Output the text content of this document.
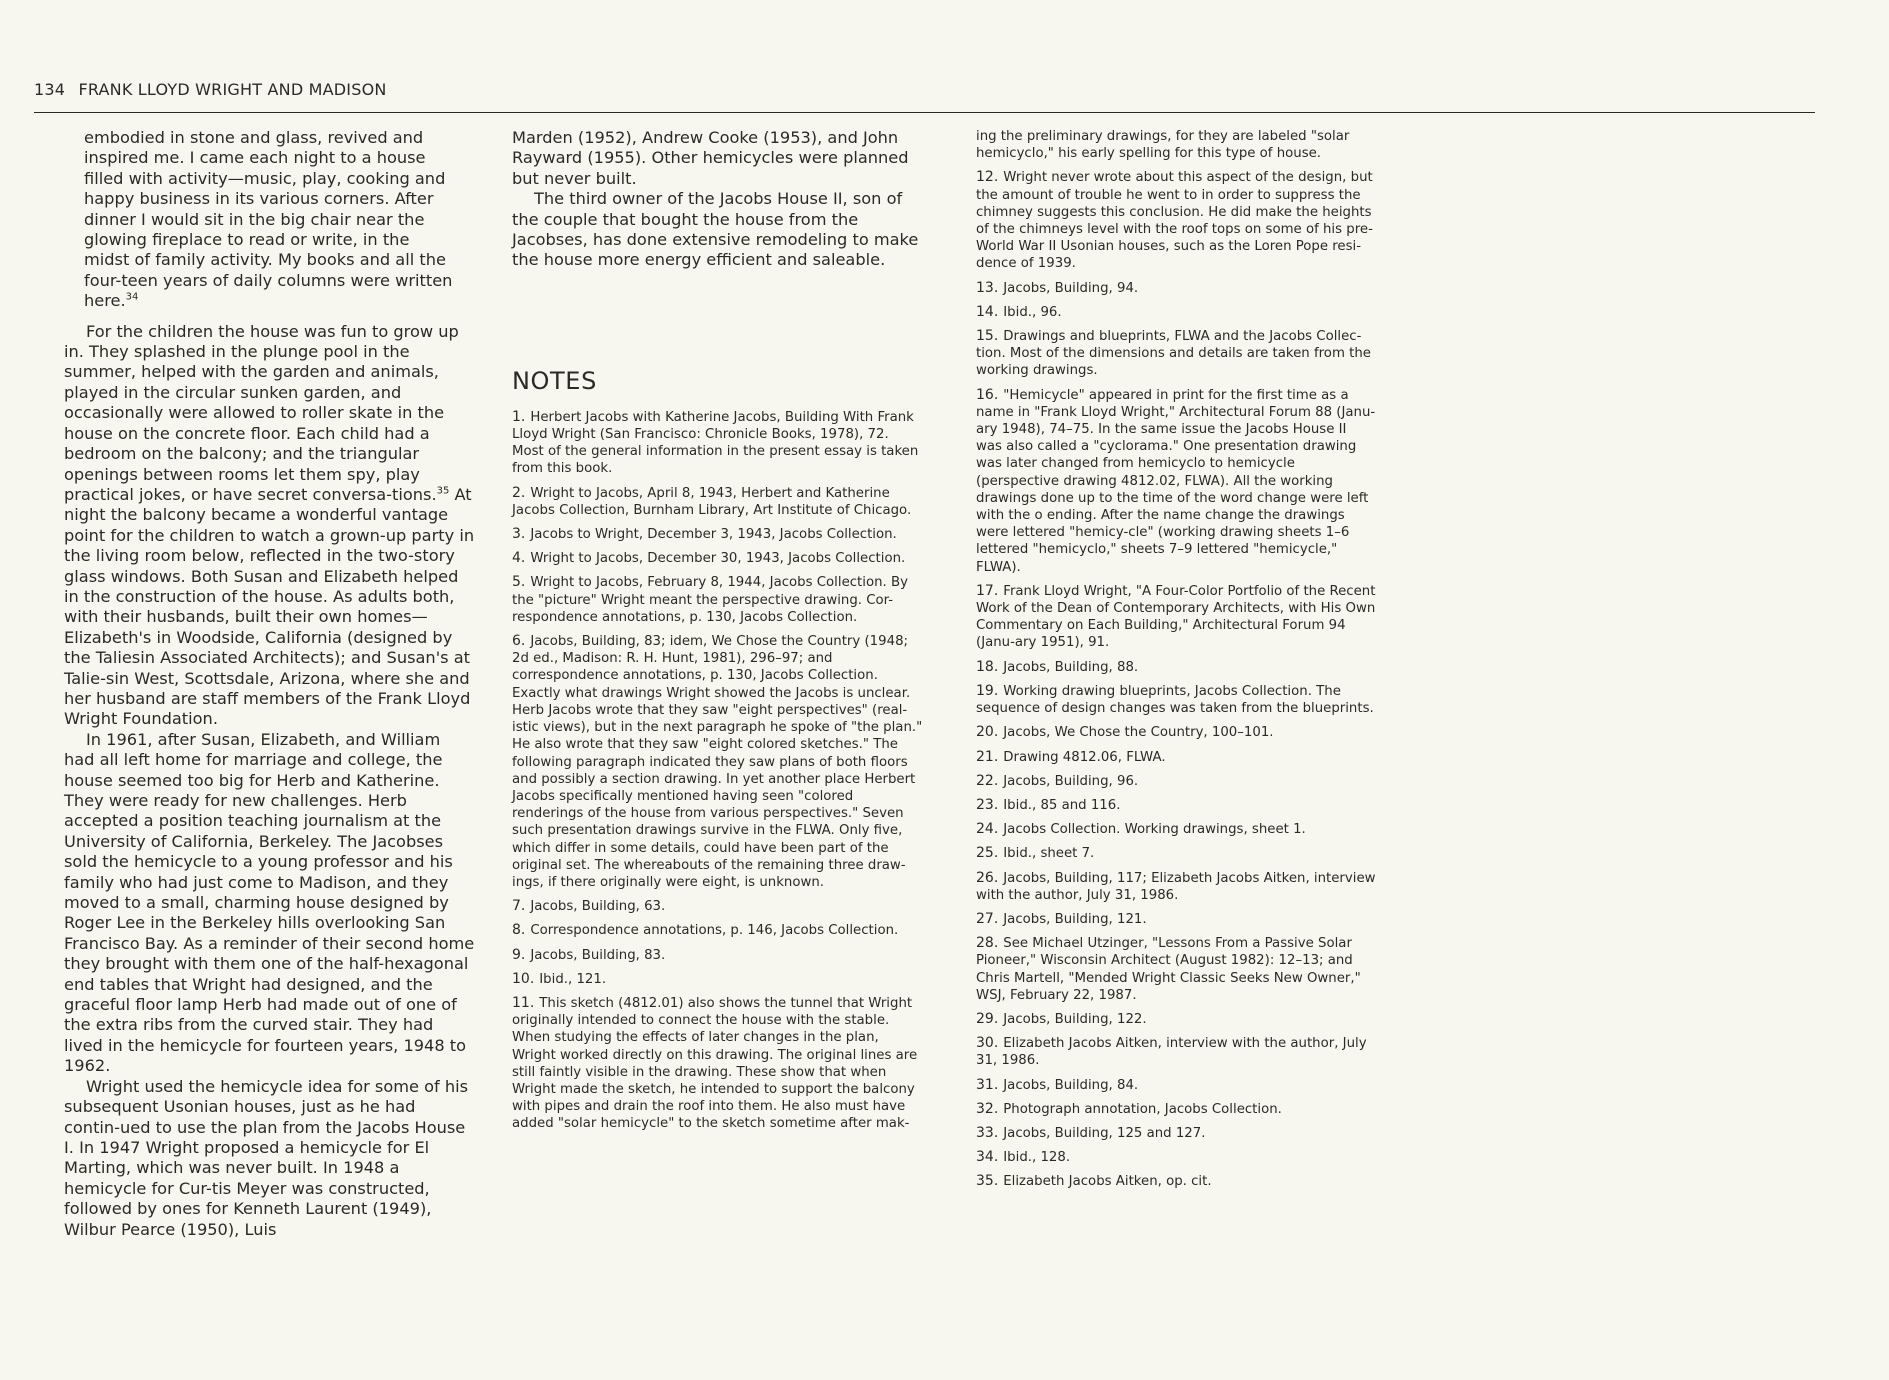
134 FRANK LLOYD WRIGHT AND MADISON

embodied in stone and glass, revived and inspired me. I came each night to a house filled with activity—music, play, cooking and happy business in its various corners. After dinner I would sit in the big chair near the glowing fireplace to read or write, in the midst of family activity. My books and all the four-teen years of daily columns were written here.$^{34}$

For the children the house was fun to grow up in. They splashed in the plunge pool in the summer, helped with the garden and animals, played in the circular sunken garden, and occasionally were allowed to roller skate in the house on the concrete floor. Each child had a bedroom on the balcony; and the triangular openings between rooms let them spy, play practical jokes, or have secret conversa-tions.$^{35}$ At night the balcony became a wonderful vantage point for the children to watch a grown-up party in the living room below, reflected in the two-story glass windows. Both Susan and Elizabeth helped in the construction of the house. As adults both, with their husbands, built their own homes—Elizabeth's in Woodside, California (designed by the Taliesin Associated Architects); and Susan's at Talie-sin West, Scottsdale, Arizona, where she and her husband are staff members of the Frank Lloyd Wright Foundation.

In 1961, after Susan, Elizabeth, and William had all left home for marriage and college, the house seemed too big for Herb and Katherine. They were ready for new challenges. Herb accepted a position teaching journalism at the University of California, Berkeley. The Jacobses sold the hemicycle to a young professor and his family who had just come to Madison, and they moved to a small, charming house designed by Roger Lee in the Berkeley hills overlooking San Francisco Bay. As a reminder of their second home they brought with them one of the half-hexagonal end tables that Wright had designed, and the graceful floor lamp Herb had made out of one of the extra ribs from the curved stair. They had lived in the hemicycle for fourteen years, 1948 to 1962.

Wright used the hemicycle idea for some of his subsequent Usonian houses, just as he had contin-ued to use the plan from the Jacobs House I. In 1947 Wright proposed a hemicycle for El Marting, which was never built. In 1948 a hemicycle for Cur-tis Meyer was constructed, followed by ones for Kenneth Laurent (1949), Wilbur Pearce (1950), Luis

Marden (1952), Andrew Cooke (1953), and John Rayward (1955). Other hemicycles were planned but never built.

The third owner of the Jacobs House II, son of the couple that bought the house from the Jacobses, has done extensive remodeling to make the house more energy efficient and saleable.

NOTES

1. Herbert Jacobs with Katherine Jacobs, Building With Frank Lloyd Wright (San Francisco: Chronicle Books, 1978), 72. Most of the general information in the present essay is taken from this book.

2. Wright to Jacobs, April 8, 1943, Herbert and Katherine Jacobs Collection, Burnham Library, Art Institute of Chicago.

3. Jacobs to Wright, December 3, 1943, Jacobs Collection.

4. Wright to Jacobs, December 30, 1943, Jacobs Collection.

5. Wright to Jacobs, February 8, 1944, Jacobs Collection. By the "picture" Wright meant the perspective drawing. Cor-respondence annotations, p. 130, Jacobs Collection.

6. Jacobs, Building, 83; idem, We Chose the Country (1948; 2d ed., Madison: R. H. Hunt, 1981), 296–97; and correspondence annotations, p. 130, Jacobs Collection. Exactly what drawings Wright showed the Jacobs is unclear. Herb Jacobs wrote that they saw "eight perspectives" (real-istic views), but in the next paragraph he spoke of "the plan." He also wrote that they saw "eight colored sketches." The following paragraph indicated they saw plans of both floors and possibly a section drawing. In yet another place Herbert Jacobs specifically mentioned having seen "colored renderings of the house from various perspectives." Seven such presentation drawings survive in the FLWA. Only five, which differ in some details, could have been part of the original set. The whereabouts of the remaining three draw-ings, if there originally were eight, is unknown.

7. Jacobs, Building, 63.

8. Correspondence annotations, p. 146, Jacobs Collection.

9. Jacobs, Building, 83.

10. Ibid., 121.

11. This sketch (4812.01) also shows the tunnel that Wright originally intended to connect the house with the stable. When studying the effects of later changes in the plan, Wright worked directly on this drawing. The original lines are still faintly visible in the drawing. These show that when Wright made the sketch, he intended to support the balcony with pipes and drain the roof into them. He also must have added "solar hemicycle" to the sketch sometime after mak-

ing the preliminary drawings, for they are labeled "solar hemicyclo," his early spelling for this type of house.

12. Wright never wrote about this aspect of the design, but the amount of trouble he went to in order to suppress the chimney suggests this conclusion. He did make the heights of the chimneys level with the roof tops on some of his pre-World War II Usonian houses, such as the Loren Pope resi-dence of 1939.

13. Jacobs, Building, 94.

14. Ibid., 96.

15. Drawings and blueprints, FLWA and the Jacobs Collec-tion. Most of the dimensions and details are taken from the working drawings.

16. "Hemicycle" appeared in print for the first time as a name in "Frank Lloyd Wright," Architectural Forum 88 (Janu-ary 1948), 74–75. In the same issue the Jacobs House II was also called a "cyclorama." One presentation drawing was later changed from hemicyclo to hemicycle (perspective drawing 4812.02, FLWA). All the working drawings done up to the time of the word change were left with the o ending. After the name change the drawings were lettered "hemicy-cle" (working drawing sheets 1–6 lettered "hemicyclo," sheets 7–9 lettered "hemicycle," FLWA).

17. Frank Lloyd Wright, "A Four-Color Portfolio of the Recent Work of the Dean of Contemporary Architects, with His Own Commentary on Each Building," Architectural Forum 94 (Janu-ary 1951), 91.

18. Jacobs, Building, 88.

19. Working drawing blueprints, Jacobs Collection. The sequence of design changes was taken from the blueprints.

20. Jacobs, We Chose the Country, 100–101.

21. Drawing 4812.06, FLWA.

22. Jacobs, Building, 96.

23. Ibid., 85 and 116.

24. Jacobs Collection. Working drawings, sheet 1.

25. Ibid., sheet 7.

26. Jacobs, Building, 117; Elizabeth Jacobs Aitken, interview with the author, July 31, 1986.

27. Jacobs, Building, 121.

28. See Michael Utzinger, "Lessons From a Passive Solar Pioneer," Wisconsin Architect (August 1982): 12–13; and Chris Martell, "Mended Wright Classic Seeks New Owner," WSJ, February 22, 1987.

29. Jacobs, Building, 122.

30. Elizabeth Jacobs Aitken, interview with the author, July 31, 1986.

31. Jacobs, Building, 84.

32. Photograph annotation, Jacobs Collection.

33. Jacobs, Building, 125 and 127.

34. Ibid., 128.

35. Elizabeth Jacobs Aitken, op. cit.
